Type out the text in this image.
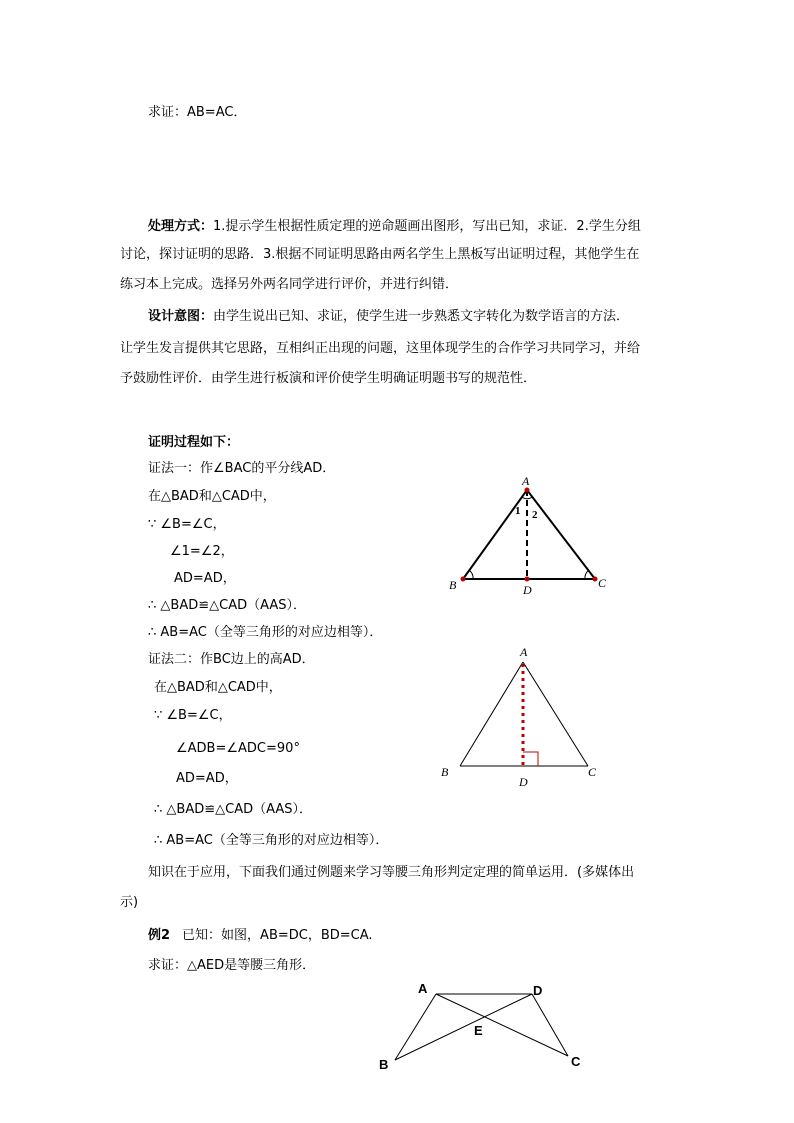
求证：AB=AC．
处理方式：1.提示学生根据性质定理的逆命题画出图形，写出已知，求证．2.学生分组
讨论，探讨证明的思路．3.根据不同证明思路由两名学生上黑板写出证明过程，其他学生在
练习本上完成。选择另外两名同学进行评价，并进行纠错．
设计意图：由学生说出已知、求证，使学生进一步熟悉文字转化为数学语言的方法．
让学生发言提供其它思路，互相纠正出现的问题，这里体现学生的合作学习共同学习，并给
予鼓励性评价．由学生进行板演和评价使学生明确证明题书写的规范性．
证明过程如下：
证法一：作∠BAC的平分线AD．
在△BAD和△CAD中，
∵ ∠B=∠C，
∠1=∠2，
AD=AD，
∴ △BAD≌△CAD（AAS）．
∴ AB=AC（全等三角形的对应边相等）．
证法二：作BC边上的高AD．
在△BAD和△CAD中，
∵ ∠B=∠C，
∠ADB=∠ADC=90°
AD=AD，
∴ △BAD≌△CAD（AAS）．
∴ AB=AC（全等三角形的对应边相等）．
知识在于应用，下面我们通过例题来学习等腰三角形判定定理的简单运用．(多媒体出
示)
例2 已知：如图，AB=DC，BD=CA.
求证：△AED是等腰三角形．
A
B	C
D
1 2
A
B	C
D
A	D
E
B	C
